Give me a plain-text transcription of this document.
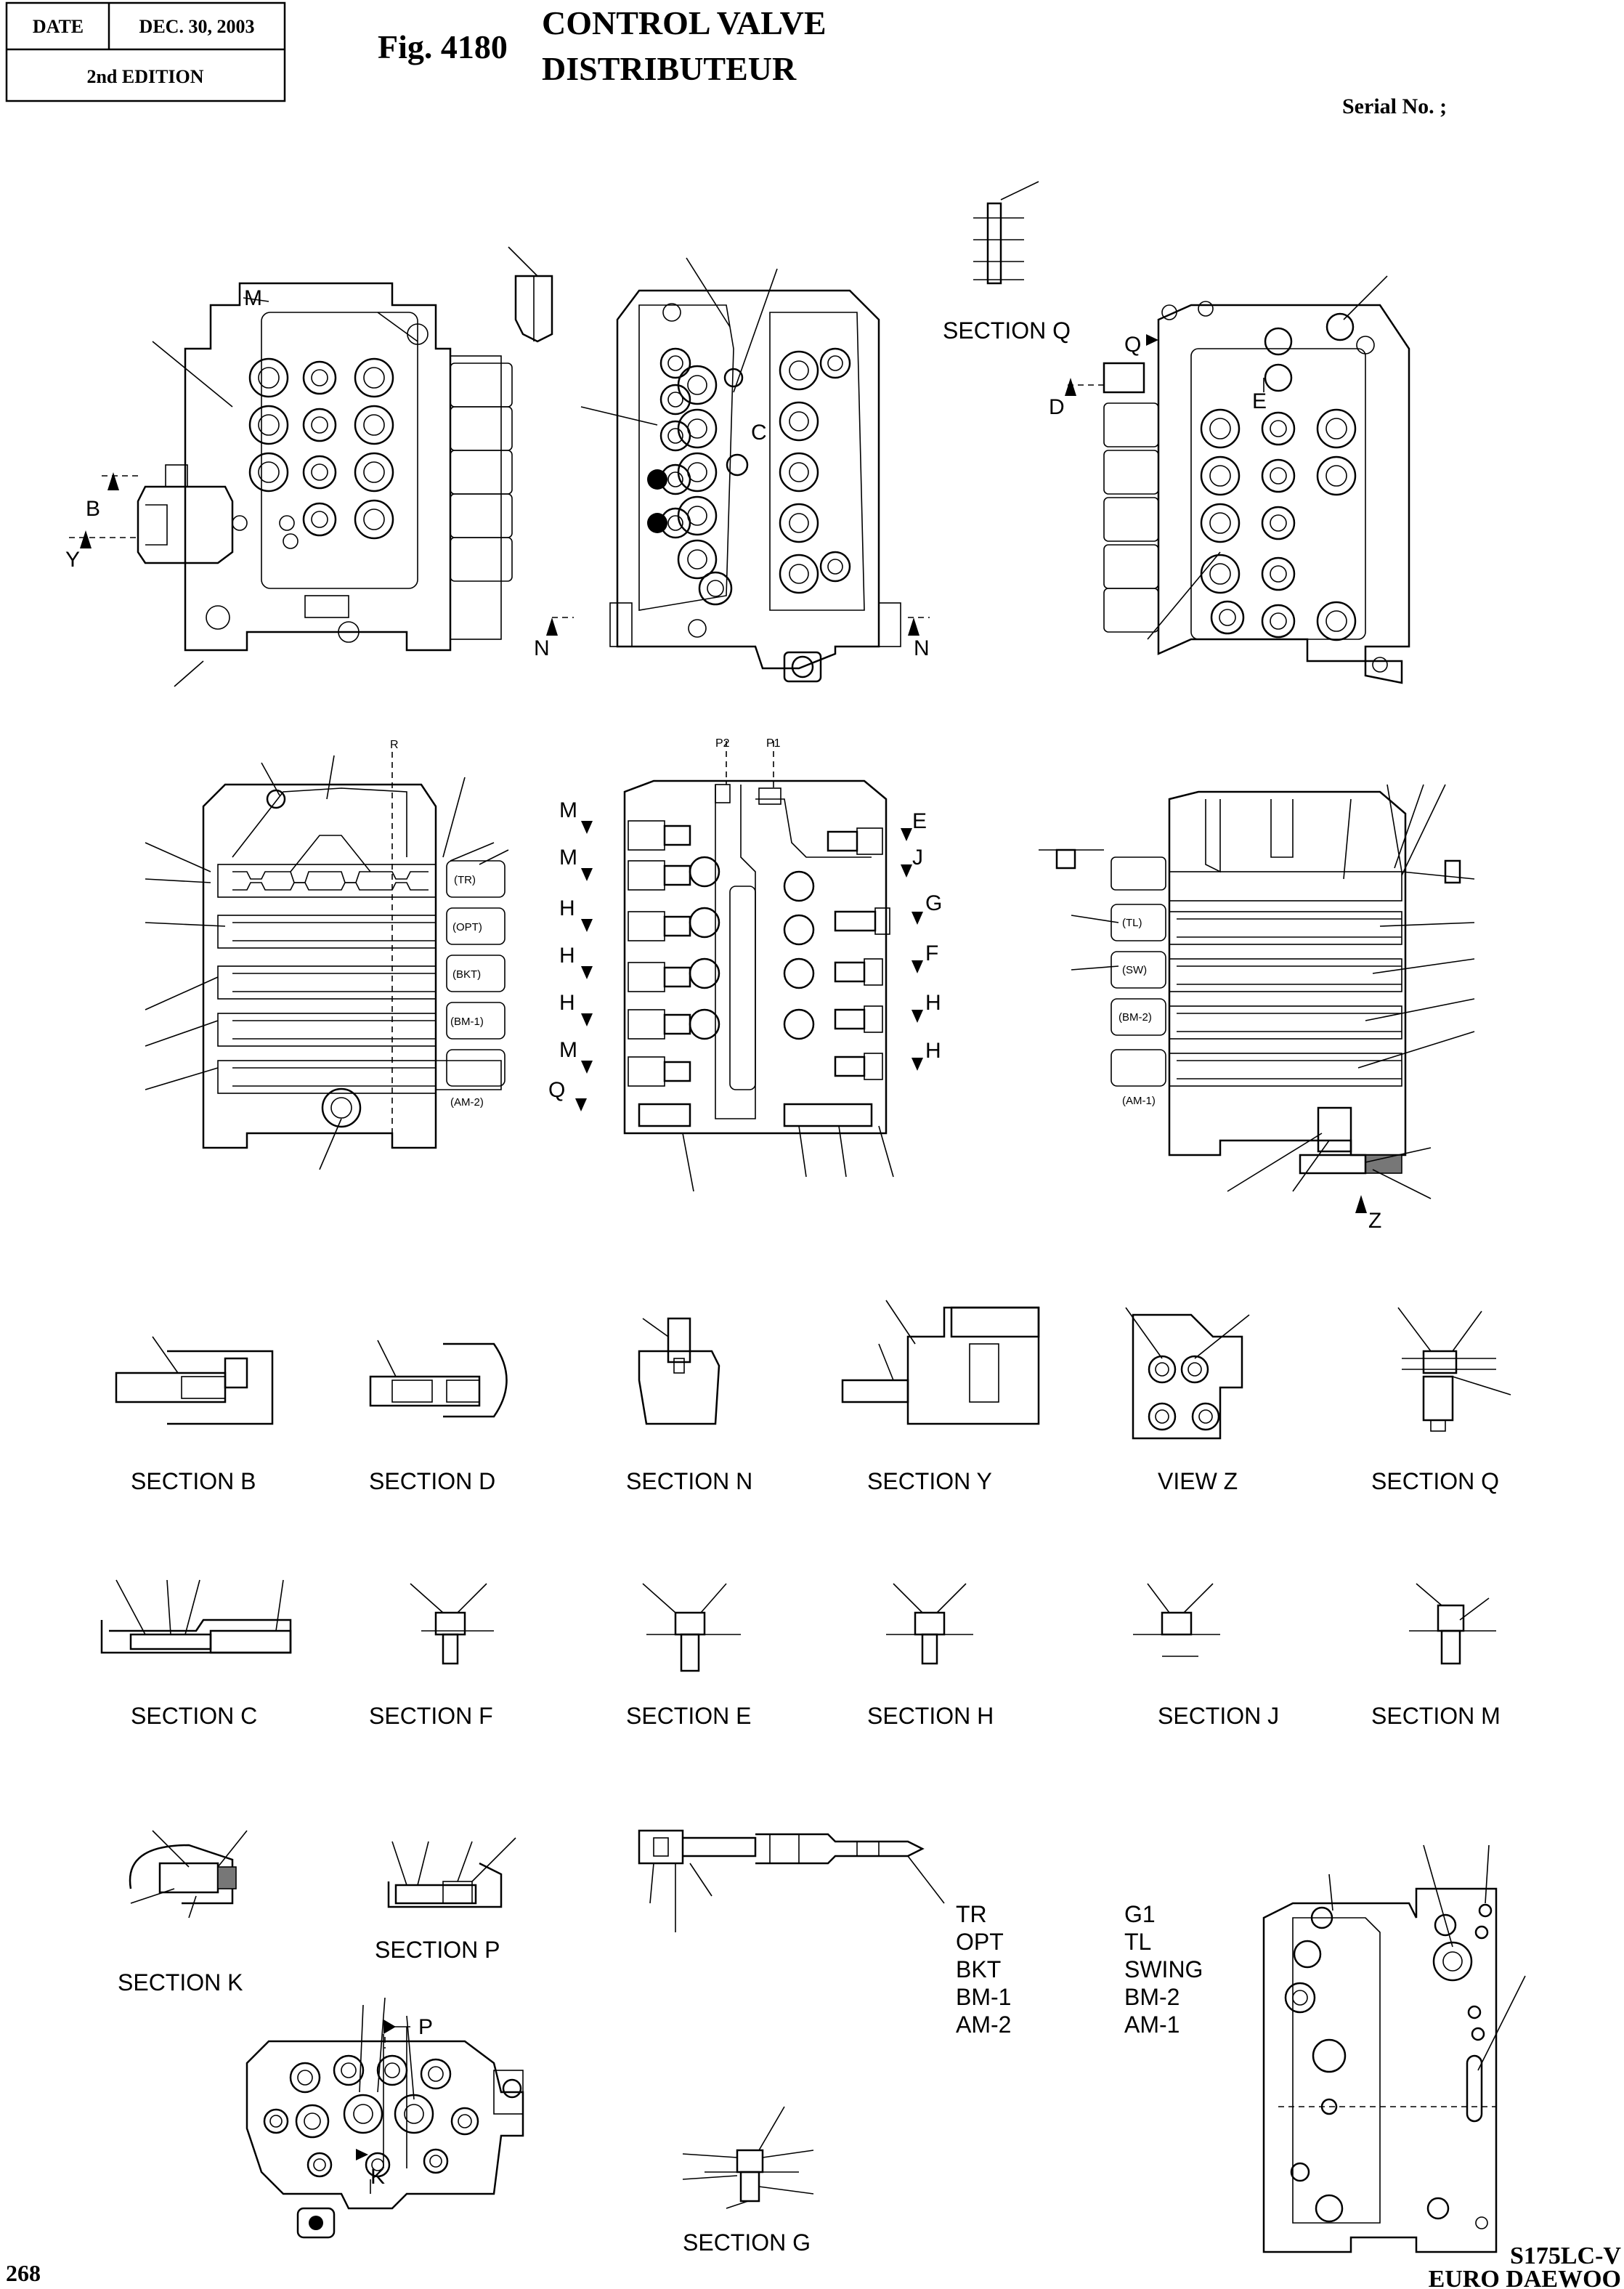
DATE	DEC. 30, 2003
2nd EDITION
Fig. 4180
CONTROL VALVE
DISTRIBUTEUR
Serial No. ;
M
B
Y
C
N	N
SECTION Q
Q
D	E
R
(TR)
(OPT)
(BKT)
(BM-1)
(AM-2)
P2	P1
M
M
H
H
H
M
Q
E
J
G
F
H
H
(TL)
(SW)
(BM-2)
(AM-1)
Z
SECTION B	SECTION D	SECTION N	SECTION Y	VIEW Z	SECTION Q
SECTION C	SECTION F	SECTION E	SECTION H	SECTION J	SECTION M
SECTION K
SECTION P
TR
OPT
BKT
BM-1
AM-2
G1
TL
SWING
BM-2
AM-1
P
K
SECTION G
268
S175LC-V
EURO DAEWOO
